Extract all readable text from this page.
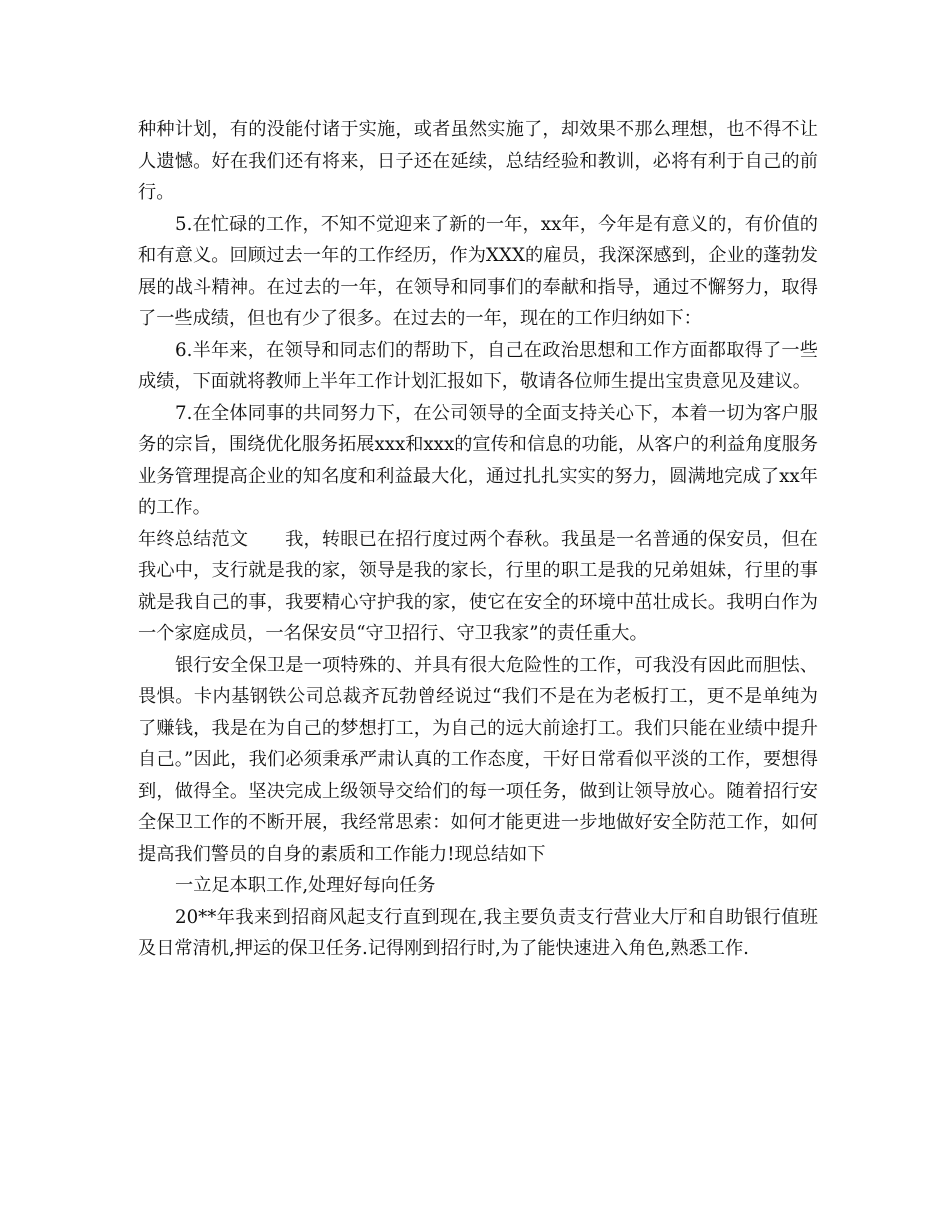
种种计划，有的没能付诸于实施，或者虽然实施了，却效果不那么理想，也不得不让人遗憾。好在我们还有将来，日子还在延续，总结经验和教训，必将有利于自己的前行。

5.在忙碌的工作，不知不觉迎来了新的一年，xx年，今年是有意义的，有价值的和有意义。回顾过去一年的工作经历，作为XXX的雇员，我深深感到，企业的蓬勃发展的战斗精神。在过去的一年，在领导和同事们的奉献和指导，通过不懈努力，取得了一些成绩，但也有少了很多。在过去的一年，现在的工作归纳如下：

6.半年来，在领导和同志们的帮助下，自己在政治思想和工作方面都取得了一些成绩，下面就将教师上半年工作计划汇报如下，敬请各位师生提出宝贵意见及建议。

7.在全体同事的共同努力下，在公司领导的全面支持关心下，本着一切为客户服务的宗旨，围绕优化服务拓展xxx和xxx的宣传和信息的功能，从客户的利益角度服务业务管理提高企业的知名度和利益最大化，通过扎扎实实的努力，圆满地完成了xx年的工作。

年终总结范文　　我，转眼已在招行度过两个春秋。我虽是一名普通的保安员，但在我心中，支行就是我的家，领导是我的家长，行里的职工是我的兄弟姐妹，行里的事就是我自己的事，我要精心守护我的家，使它在安全的环境中茁壮成长。我明白作为一个家庭成员，一名保安员“守卫招行、守卫我家”的责任重大。

银行安全保卫是一项特殊的、并具有很大危险性的工作，可我没有因此而胆怯、畏惧。卡内基钢铁公司总裁齐瓦勃曾经说过“我们不是在为老板打工，更不是单纯为了赚钱，我是在为自己的梦想打工，为自己的远大前途打工。我们只能在业绩中提升自己。”因此，我们必须秉承严肃认真的工作态度，干好日常看似平淡的工作，要想得到，做得全。坚决完成上级领导交给们的每一项任务，做到让领导放心。随着招行安全保卫工作的不断开展，我经常思索：如何才能更进一步地做好安全防范工作，如何提高我们警员的自身的素质和工作能力!现总结如下

一立足本职工作,处理好每向任务

20**年我来到招商风起支行直到现在,我主要负责支行营业大厅和自助银行值班及日常清机,押运的保卫任务.记得刚到招行时,为了能快速进入角色,熟悉工作.
